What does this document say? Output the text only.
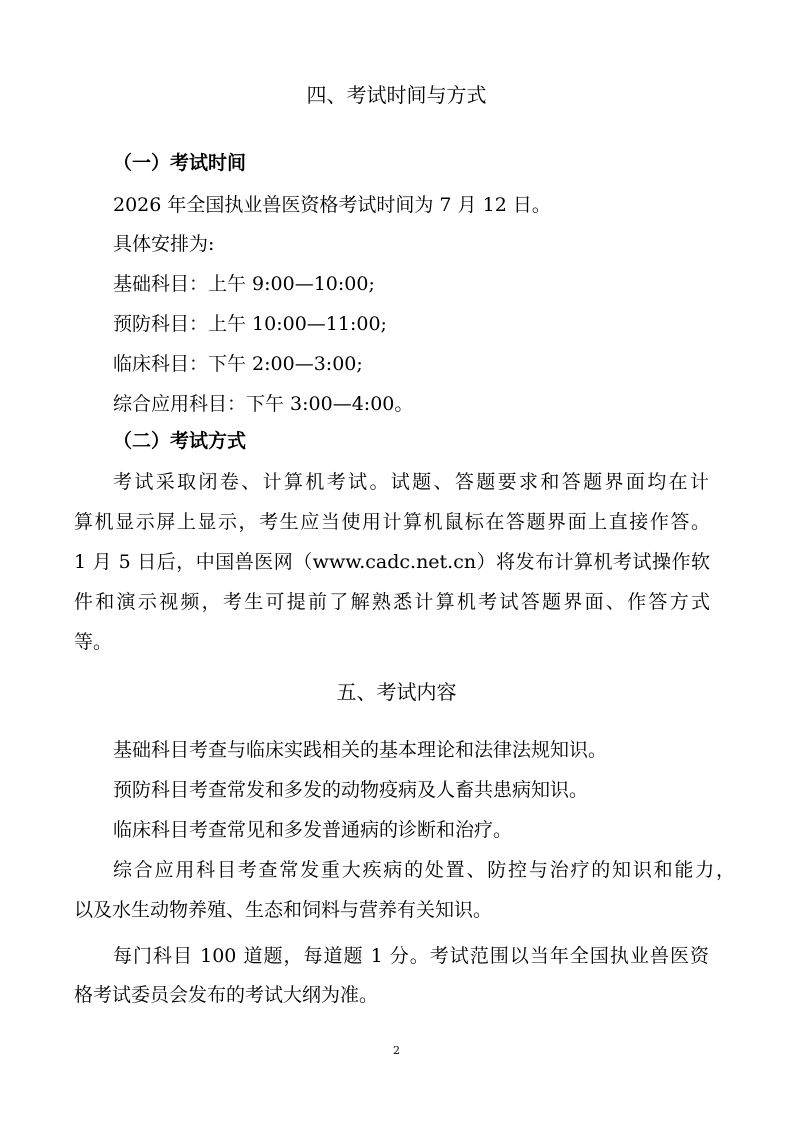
四、考试时间与方式
（一）考试时间
2026 年全国执业兽医资格考试时间为 7 月 12 日。
具体安排为:
基础科目：上午 9:00—10:00;
预防科目：上午 10:00—11:00;
临床科目：下午 2:00—3:00;
综合应用科目：下午 3:00—4:00。
（二）考试方式
考试采取闭卷、计算机考试。试题、答题要求和答题界面均在计
算机显示屏上显示，考生应当使用计算机鼠标在答题界面上直接作答。
1 月 5 日后，中国兽医网（www.cadc.net.cn）将发布计算机考试操作软
件和演示视频，考生可提前了解熟悉计算机考试答题界面、作答方式
等。
五、考试内容
基础科目考查与临床实践相关的基本理论和法律法规知识。
预防科目考查常发和多发的动物疫病及人畜共患病知识。
临床科目考查常见和多发普通病的诊断和治疗。
综合应用科目考查常发重大疾病的处置、防控与治疗的知识和能力，
以及水生动物养殖、生态和饲料与营养有关知识。
每门科目 100 道题，每道题 1 分。考试范围以当年全国执业兽医资
格考试委员会发布的考试大纲为准。
2
